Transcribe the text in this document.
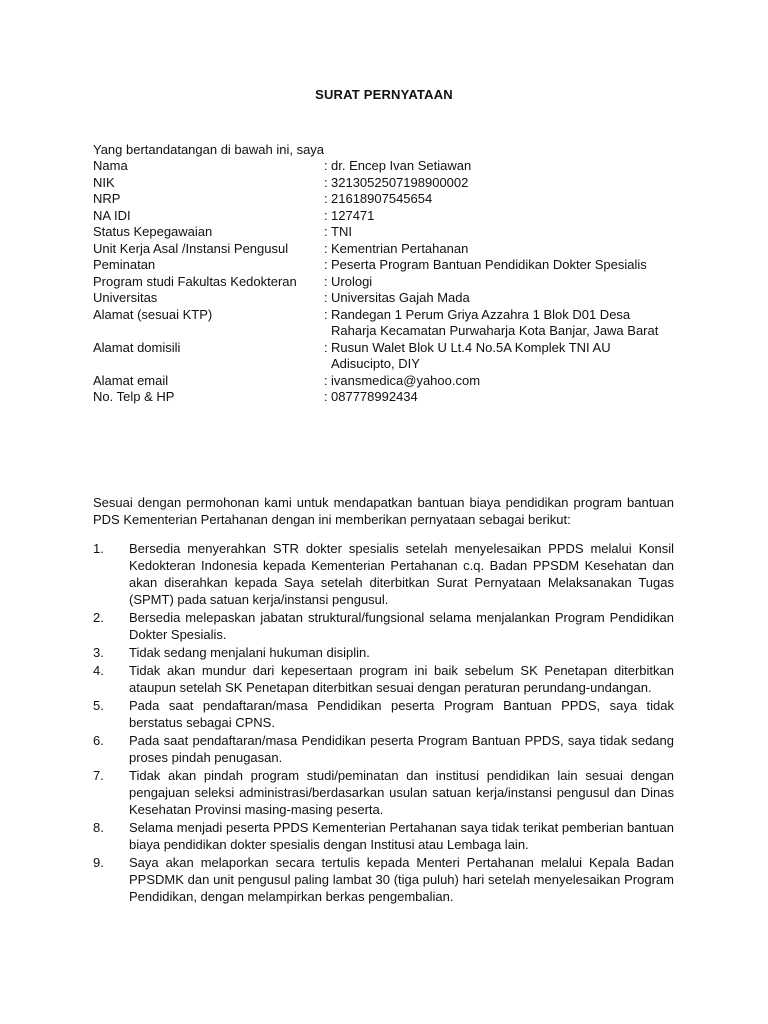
SURAT PERNYATAAN
Yang bertandatangan di bawah ini, saya
Nama	: dr. Encep Ivan Setiawan
NIK	: 3213052507198900002
NRP	: 21618907545654
NA IDI	: 127471
Status Kepegawaian	: TNI
Unit Kerja Asal /Instansi Pengusul	: Kementrian Pertahanan
Peminatan	: Peserta Program Bantuan Pendidikan Dokter Spesialis
Program studi Fakultas Kedokteran	: Urologi
Universitas	: Universitas Gajah Mada
Alamat (sesuai KTP)	: Randegan 1 Perum Griya Azzahra 1 Blok D01 Desa Raharja Kecamatan Purwaharja Kota Banjar, Jawa Barat
Alamat domisili	: Rusun Walet Blok U Lt.4 No.5A Komplek TNI AU Adisucipto, DIY
Alamat email	: ivansmedica@yahoo.com
No. Telp & HP	: 087778992434
Sesuai dengan permohonan kami untuk mendapatkan bantuan biaya pendidikan program bantuan PDS Kementerian Pertahanan dengan ini memberikan pernyataan sebagai berikut:
1.	Bersedia menyerahkan STR dokter spesialis setelah menyelesaikan PPDS melalui Konsil Kedokteran Indonesia kepada Kementerian Pertahanan c.q. Badan PPSDM Kesehatan dan akan diserahkan kepada Saya setelah diterbitkan Surat Pernyataan Melaksanakan Tugas (SPMT) pada satuan kerja/instansi pengusul.
2.	Bersedia melepaskan jabatan struktural/fungsional selama menjalankan Program Pendidikan Dokter Spesialis.
3.	Tidak sedang menjalani hukuman disiplin.
4.	Tidak akan mundur dari kepesertaan program ini baik sebelum SK Penetapan diterbitkan ataupun setelah SK Penetapan diterbitkan sesuai dengan peraturan perundang-undangan.
5.	Pada saat pendaftaran/masa Pendidikan peserta Program Bantuan PPDS, saya tidak berstatus sebagai CPNS.
6.	Pada saat pendaftaran/masa Pendidikan peserta Program Bantuan PPDS, saya tidak sedang proses pindah penugasan.
7.	Tidak akan pindah program studi/peminatan dan institusi pendidikan lain sesuai dengan pengajuan seleksi administrasi/berdasarkan usulan satuan kerja/instansi pengusul dan Dinas Kesehatan Provinsi masing-masing peserta.
8.	Selama menjadi peserta PPDS Kementerian Pertahanan saya tidak terikat pemberian bantuan biaya pendidikan dokter spesialis dengan Institusi atau Lembaga lain.
9.	Saya akan melaporkan secara tertulis kepada Menteri Pertahanan melalui Kepala Badan PPSDMK dan unit pengusul paling lambat 30 (tiga puluh) hari setelah menyelesaikan Program Pendidikan, dengan melampirkan berkas pengembalian.
